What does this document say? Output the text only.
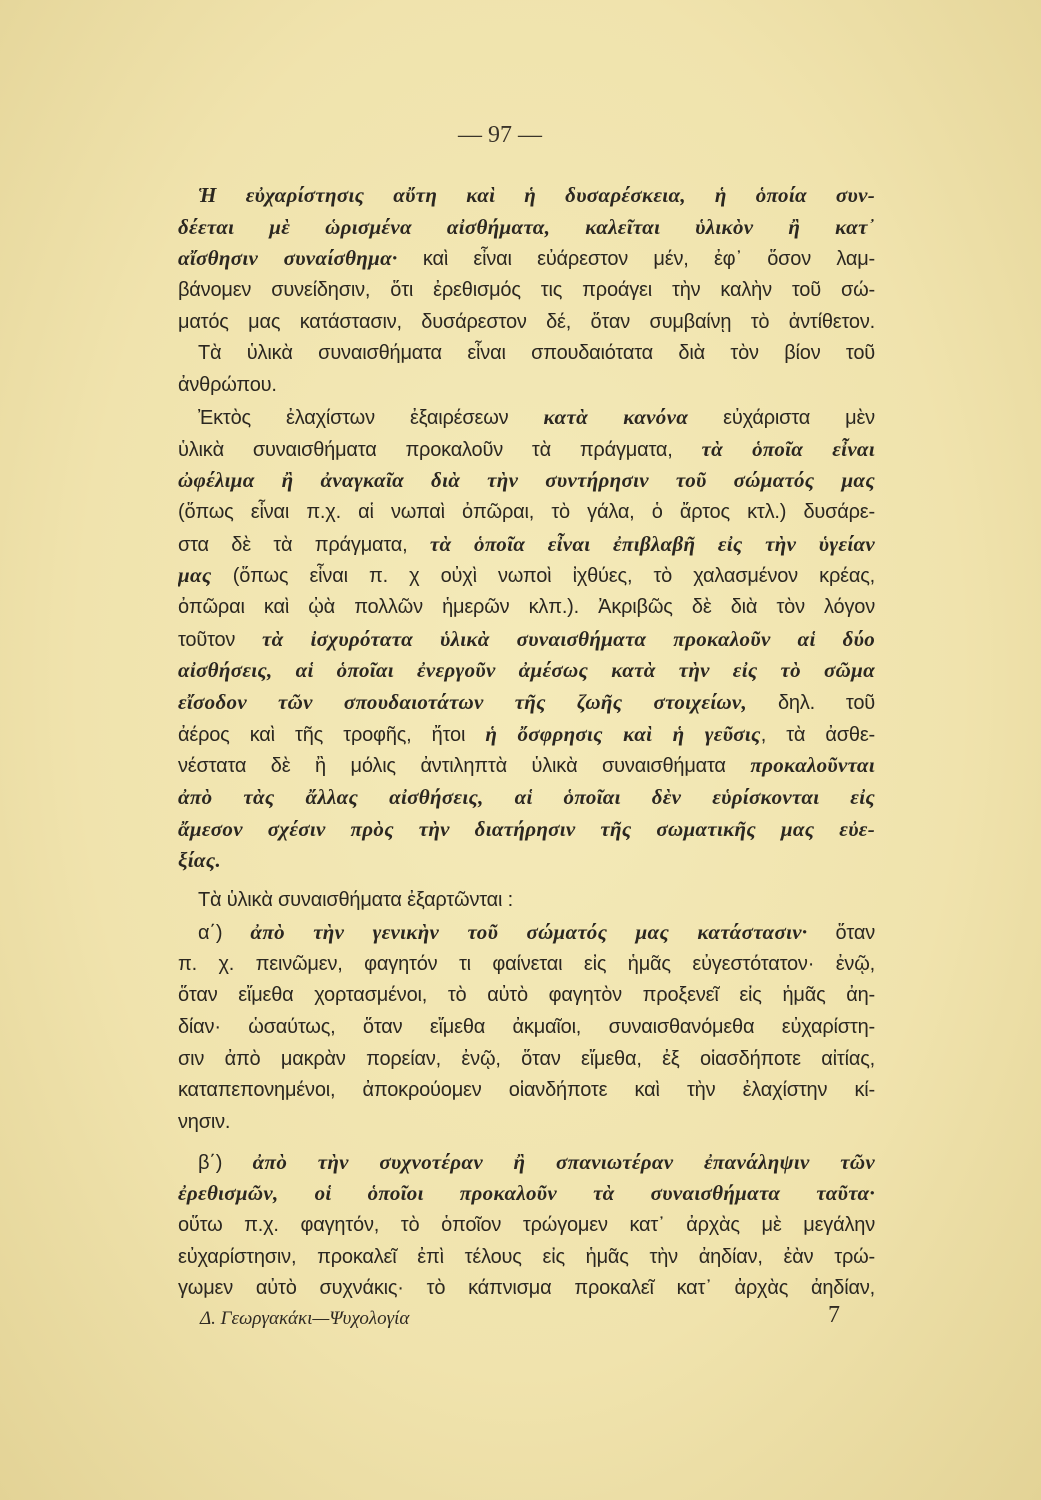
— 97 —
Ἡ εὐχαρίστησις αὔτη καὶ ἡ δυσαρέσκεια, ἡ ὁποία συν-
δέεται μὲ ὡρισμένα αἰσθήματα, καλεῖται ὑλικὸν ἢ κατ᾽
αἴσθησιν συναίσθημα· καὶ εἶναι εὐάρεστον μέν, ἐφ᾽ ὅσον λαμ-
βάνομεν συνείδησιν, ὅτι ἐρεθισμός τις προάγει τὴν καλὴν τοῦ σώ-
ματός μας κατάστασιν, δυσάρεστον δέ, ὅταν συμβαίνῃ τὸ ἀντίθετον.
Τὰ ὑλικὰ συναισθήματα εἶναι σπουδαιότατα διὰ τὸν βίον τοῦ
ἀνθρώπου.
Ἐκτὸς ἐλαχίστων ἐξαιρέσεων κατὰ κανόνα εὐχάριστα μὲν
ὑλικὰ συναισθήματα προκαλοῦν τὰ πράγματα, τὰ ὁποῖα εἶναι
ὠφέλιμα ἢ ἀναγκαῖα διὰ τὴν συντήρησιν τοῦ σώματός μας
(ὅπως εἶναι π.χ. αἱ νωπαὶ ὀπῶραι, τὸ γάλα, ὁ ἄρτος κτλ.) δυσάρε-
στα δὲ τὰ πράγματα, τὰ ὁποῖα εἶναι ἐπιβλαβῆ εἰς τὴν ὑγείαν
μας (ὅπως εἶναι π. χ οὐχὶ νωποὶ ἰχθύες, τὸ χαλασμένον κρέας,
ὀπῶραι καὶ ᾠὰ πολλῶν ἡμερῶν κλπ.). Ἀκριβῶς δὲ διὰ τὸν λόγον
τοῦτον τὰ ἰσχυρότατα ὑλικὰ συναισθήματα προκαλοῦν αἱ δύο
αἰσθήσεις, αἱ ὁποῖαι ἐνεργοῦν ἀμέσως κατὰ τὴν εἰς τὸ σῶμα
εἴσοδον τῶν σπουδαιοτάτων τῆς ζωῆς στοιχείων, δηλ. τοῦ
ἀέρος καὶ τῆς τροφῆς, ἤτοι ἡ ὄσφρησις καὶ ἡ γεῦσις, τὰ ἀσθε-
νέστατα δὲ ἢ μόλις ἀντιληπτὰ ὑλικὰ συναισθήματα προκαλοῦνται
ἀπὸ τὰς ἄλλας αἰσθήσεις, αἱ ὁποῖαι δὲν εὑρίσκονται εἰς
ἄμεσον σχέσιν πρὸς τὴν διατήρησιν τῆς σωματικῆς μας εὐε-
ξίας.
Τὰ ὑλικὰ συναισθήματα ἐξαρτῶνται :
α΄) ἀπὸ τὴν γενικὴν τοῦ σώματός μας κατάστασιν· ὅταν
π. χ. πεινῶμεν, φαγητόν τι φαίνεται εἰς ἡμᾶς εὐγεστότατον· ἐνῷ,
ὅταν εἴμεθα χορτασμένοι, τὸ αὐτὸ φαγητὸν προξενεῖ εἰς ἡμᾶς ἀη-
δίαν· ὡσαύτως, ὅταν εἴμεθα ἀκμαῖοι, συναισθανόμεθα εὐχαρίστη-
σιν ἀπὸ μακρὰν πορείαν, ἐνῷ, ὅταν εἴμεθα, ἐξ οἱασδήποτε αἰτίας,
καταπεπονημένοι, ἀποκρούομεν οἱανδήποτε καὶ τὴν ἐλαχίστην κί-
νησιν.
β΄) ἀπὸ τὴν συχνοτέραν ἢ σπανιωτέραν ἐπανάληψιν τῶν
ἐρεθισμῶν, οἱ ὁποῖοι προκαλοῦν τὰ συναισθήματα ταῦτα·
οὕτω π.χ. φαγητόν, τὸ ὁποῖον τρώγομεν κατ᾽ ἀρχὰς μὲ μεγάλην
εὐχαρίστησιν, προκαλεῖ ἐπὶ τέλους εἰς ἡμᾶς τὴν ἀηδίαν, ἐὰν τρώ-
γωμεν αὐτὸ συχνάκις· τὸ κάπνισμα προκαλεῖ κατ᾽ ἀρχὰς ἀηδίαν,
Δ. Γεωργακάκι—Ψυχολογία	7
